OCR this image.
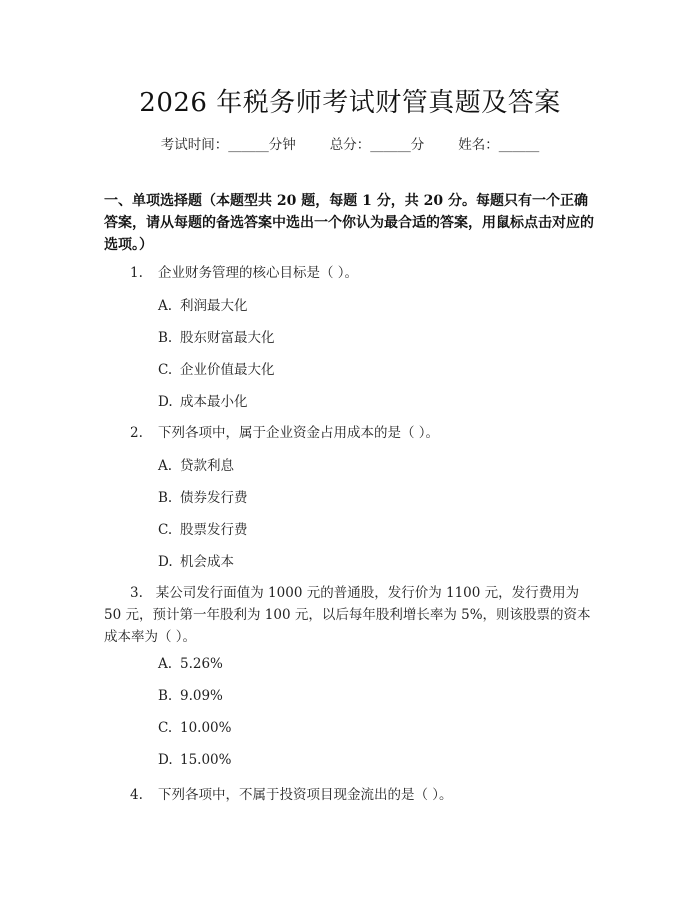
2026 年税务师考试财管真题及答案
考试时间：______分钟	总分：______分	姓名：______
一、单项选择题（本题型共 20 题，每题 1 分，共 20 分。每题只有一个正确答案，请从每题的备选答案中选出一个你认为最合适的答案，用鼠标点击对应的选项。）
1. 企业财务管理的核心目标是（ ）。
A. 利润最大化
B. 股东财富最大化
C. 企业价值最大化
D. 成本最小化
2. 下列各项中，属于企业资金占用成本的是（ ）。
A. 贷款利息
B. 债券发行费
C. 股票发行费
D. 机会成本
3. 某公司发行面值为 1000 元的普通股，发行价为 1100 元，发行费用为 50 元，预计第一年股利为 100 元，以后每年股利增长率为 5%，则该股票的资本成本率为（ ）。
A. 5.26%
B. 9.09%
C. 10.00%
D. 15.00%
4. 下列各项中，不属于投资项目现金流出的是（ ）。
